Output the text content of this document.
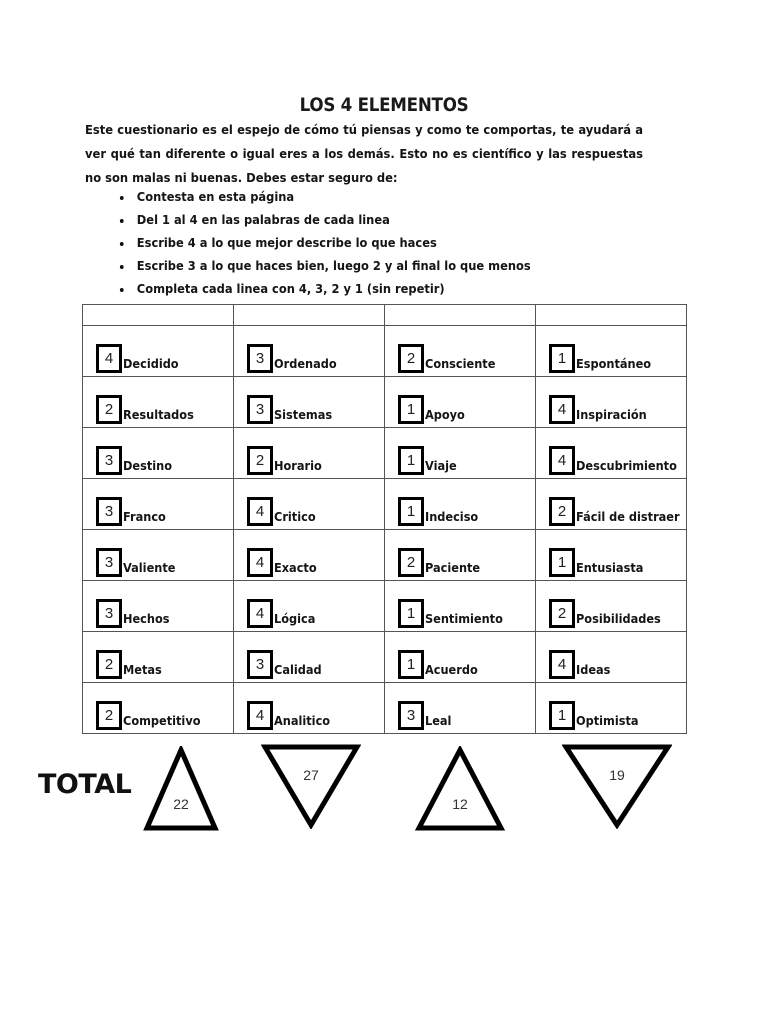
LOS 4 ELEMENTOS
Este cuestionario es el espejo de cómo tú piensas y como te comportas, te ayudará a ver qué tan diferente o igual eres a los demás. Esto no es científico y las respuestas no son malas ni buenas. Debes estar seguro de:
Contesta en esta página
Del 1 al 4 en las palabras de cada linea
Escribe 4 a lo que mejor describe lo que haces
Escribe 3 a lo que haces bien, luego 2 y al final lo que menos
Completa cada linea con 4, 3, 2 y 1 (sin repetir)

4 Decidido	3 Ordenado	2 Consciente	1 Espontáneo

2 Resultados	3 Sistemas	1 Apoyo	4 Inspiración

3 Destino	2 Horario	1 Viaje	4 Descubrimiento

3 Franco	4 Critico	1 Indeciso	2 Fácil de distraer

3 Valiente	4 Exacto	2 Paciente	1 Entusiasta

3 Hechos	4 Lógica	1 Sentimiento	2 Posibilidades

2 Metas	3 Calidad	1 Acuerdo	4 Ideas

2 Competitivo	4 Analitico	3 Leal	1 Optimista
TOTAL
22
27
12
19
